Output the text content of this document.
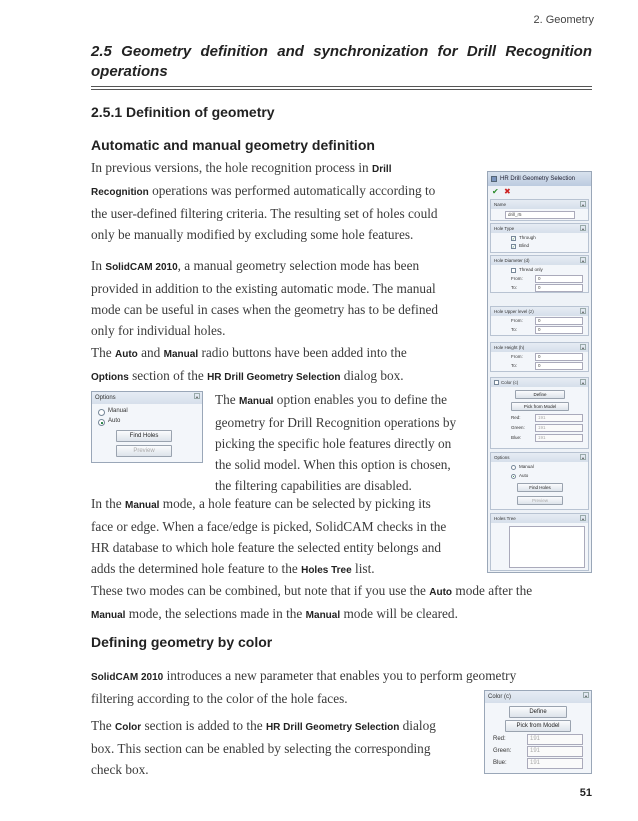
2. Geometry
2.5 Geometry definition and synchronization for Drill Recognition operations
2.5.1 Definition of geometry
Automatic and manual geometry definition
In previous versions, the hole recognition process in Drill
Recognition operations was performed automatically according to
the user-defined filtering criteria. The resulting set of holes could
only be manually modified by excluding some hole features.
In SolidCAM 2010, a manual geometry selection mode has been
provided in addition to the existing automatic mode. The manual
mode can be useful in cases when the geometry has to be defined
only for individual holes.
The Auto and Manual radio buttons have been added into the
Options section of the HR Drill Geometry Selection dialog box.
Options	▴
Manual
Auto
Find Holes
Preview
The Manual option enables you to define the
geometry for Drill Recognition operations by
picking the specific hole features directly on
the solid model. When this option is chosen,
the filtering capabilities are disabled.
In the Manual mode, a hole feature can be selected by picking its
face or edge. When a face/edge is picked, SolidCAM checks in the
HR database to which hole feature the selected entity belongs and
adds the determined hole feature to the Holes Tree list.
These two modes can be combined, but note that if you use the Auto mode after the
Manual mode, the selections made in the Manual mode will be cleared.
Defining geometry by color
SolidCAM 2010 introduces a new parameter that enables you to perform geometry
filtering according to the color of the hole faces.
The Color section is added to the HR Drill Geometry Selection dialog
box. This section can be enabled by selecting the corresponding
check box.
Color (c)	▴
Define
Pick from Model
Red:	191
Green:	191
Blue:	191
HR Drill Geometry Selection
✔ ✖
Name	▴
drill_r5
Hole Type	▴
✓ Through
✓ Blind
Hole Diameter (d)	▴
Thread only
From:	0
To:	0
Hole Upper level (z)	▴
From:	0
To:	0
Hole Height (h)	▴
From:	0
To:	0
Color (c)	▴
Define
Pick from Model
Red:	191
Green:	191
Blue:	191
Options	▴
Manual
Auto
Find Holes
Preview
Holes Tree	▴
51
